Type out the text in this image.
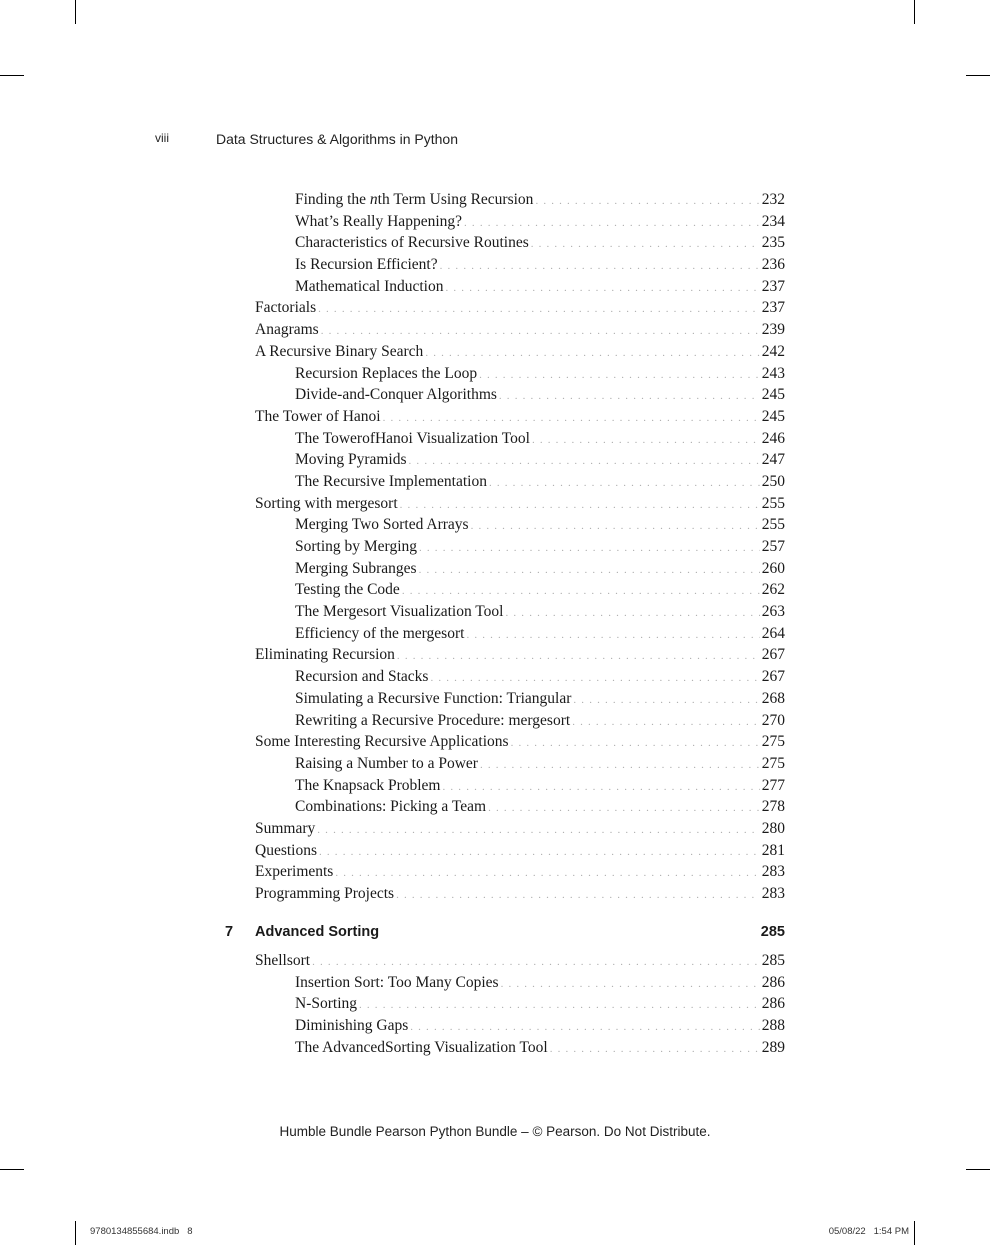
viii	Data Structures & Algorithms in Python
Finding the nth Term Using Recursion . . .	232
What’s Really Happening? . . .	234
Characteristics of Recursive Routines . . .	235
Is Recursion Efficient? . . .	236
Mathematical Induction . . .	237
Factorials . . .	237
Anagrams . . .	239
A Recursive Binary Search . . .	242
Recursion Replaces the Loop . . .	243
Divide-and-Conquer Algorithms . . .	245
The Tower of Hanoi . . .	245
The TowerofHanoi Visualization Tool . . .	246
Moving Pyramids . . .	247
The Recursive Implementation . . .	250
Sorting with mergesort . . .	255
Merging Two Sorted Arrays . . .	255
Sorting by Merging . . .	257
Merging Subranges . . .	260
Testing the Code . . .	262
The Mergesort Visualization Tool . . .	263
Efficiency of the mergesort . . .	264
Eliminating Recursion . . .	267
Recursion and Stacks . . .	267
Simulating a Recursive Function: Triangular . . .	268
Rewriting a Recursive Procedure: mergesort . . .	270
Some Interesting Recursive Applications . . .	275
Raising a Number to a Power . . .	275
The Knapsack Problem . . .	277
Combinations: Picking a Team . . .	278
Summary . . .	280
Questions . . .	281
Experiments . . .	283
Programming Projects . . .	283
7	Advanced Sorting	285
Shellsort . . .	285
Insertion Sort: Too Many Copies . . .	286
N-Sorting . . .	286
Diminishing Gaps . . .	288
The AdvancedSorting Visualization Tool . . .	289
Humble Bundle Pearson Python Bundle – © Pearson. Do Not Distribute.
9780134855684.indb   8	05/08/22   1:54 PM
